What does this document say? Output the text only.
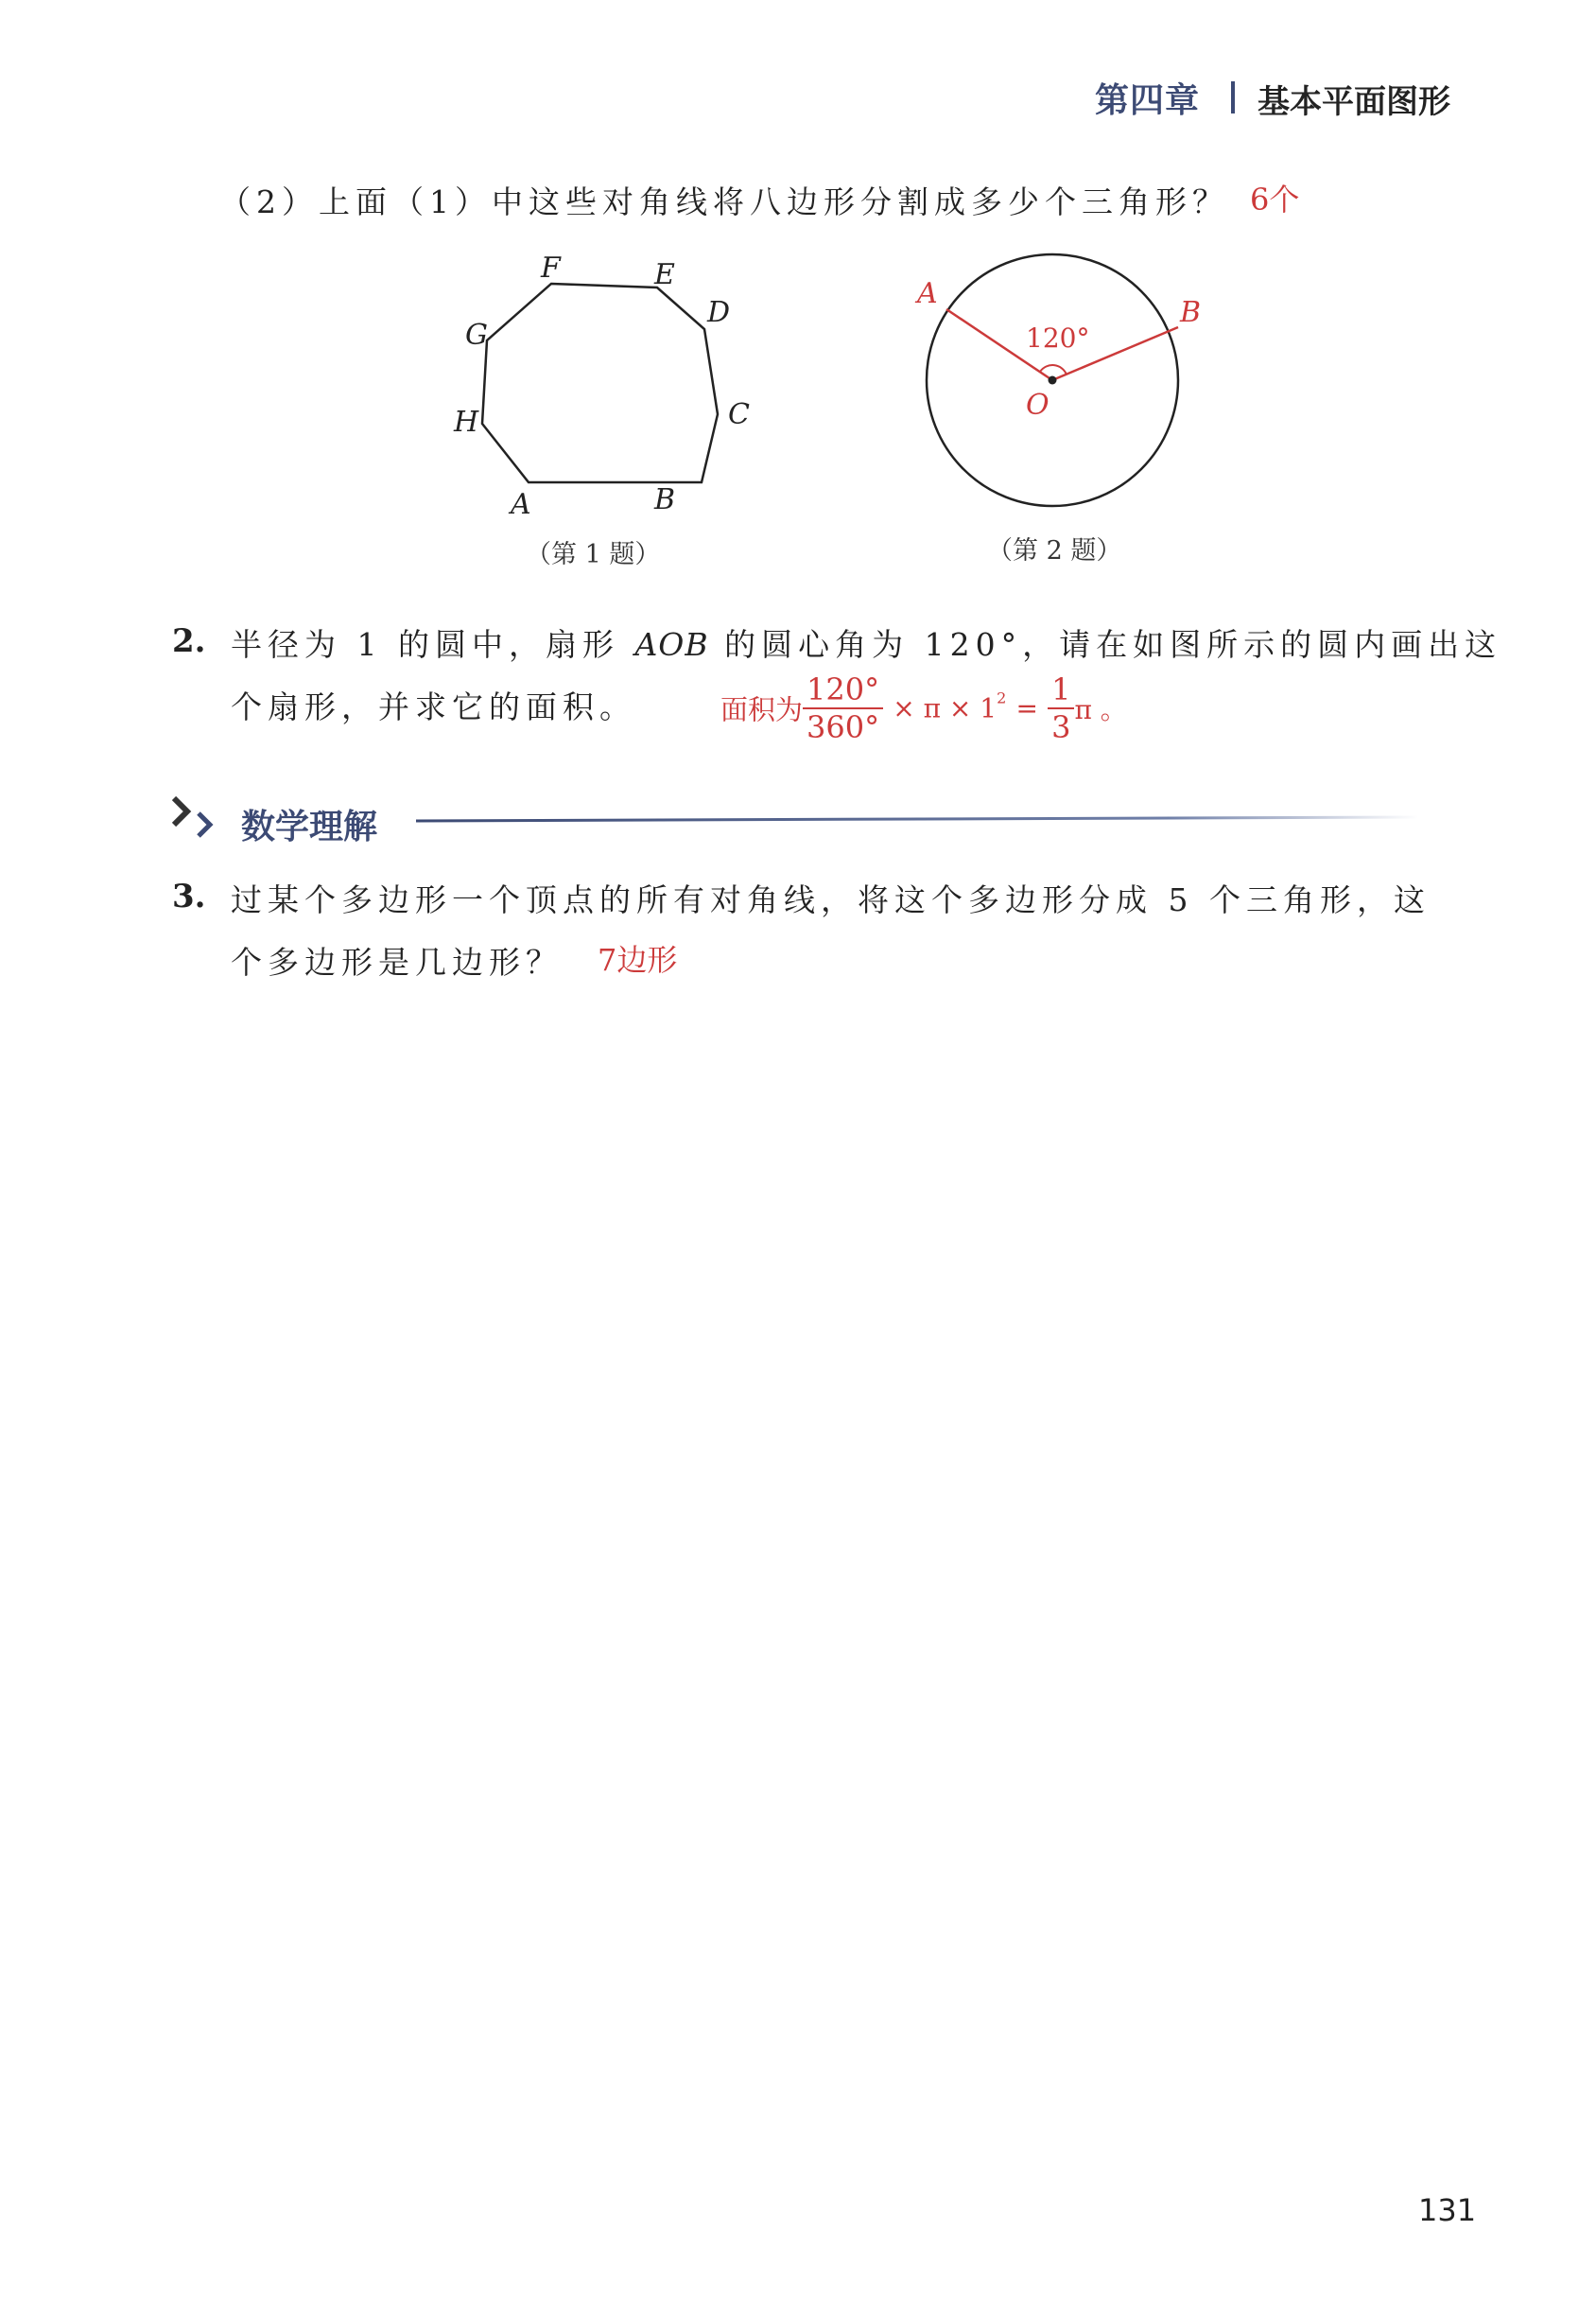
第四章 基本平面图形
（2）上面（1）中这些对角线将八边形分割成多少个三角形？ 6个
F	E
D
C
B
A
H
G
（第 1 题）
A
B
O
120°
（第 2 题）
2. 半径为 1 的圆中，扇形 AOB 的圆心角为 120°，请在如图所示的圆内画出这
个扇形，并求它的面积。	面积为 $\frac{120^\circ}{360^\circ} \times \pi \times 1^2 = \frac{1}{3}$ π 。
数学理解
3. 过某个多边形一个顶点的所有对角线，将这个多边形分成 5 个三角形，这
个多边形是几边形？ 7边形
131
